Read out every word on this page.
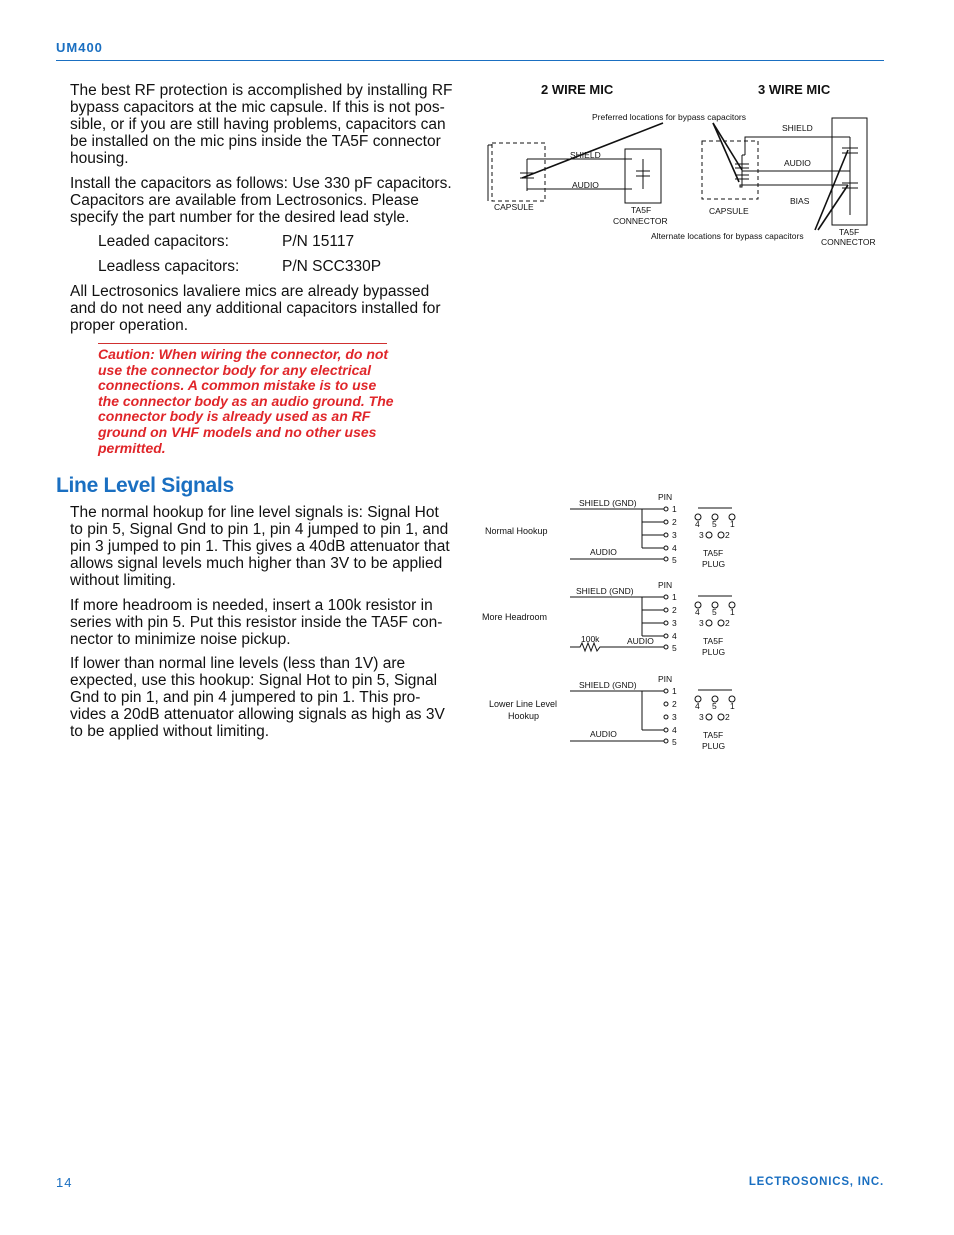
UM400
The best RF protection is accomplished by installing RF
bypass capacitors at the mic capsule. If this is not pos-
sible, or if you are still having problems, capacitors can
be installed on the mic pins inside the TA5F connector
housing.
Install the capacitors as follows: Use 330 pF capacitors.
Capacitors are available from Lectrosonics. Please
specify the part number for the desired lead style.
Leaded capacitors:	P/N 15117
Leadless capacitors:	P/N SCC330P
All Lectrosonics lavaliere mics are already bypassed
and do not need any additional capacitors installed for
proper operation.
Caution: When wiring the connector, do not
use the connector body for any electrical
connections. A common mistake is to use
the connector body as an audio ground. The
connector body is already used as an RF
ground on VHF models and no other uses
permitted.
2 WIRE MIC	3 WIRE MIC
Preferred locations for bypass capacitors
CAPSULE
SHIELD
AUDIO
TA5F
CONNECTOR
CAPSULE
SHIELD
AUDIO
BIAS
TA5F
CONNECTOR
Alternate locations for bypass capacitors
Line Level Signals
The normal hookup for line level signals is: Signal Hot
to pin 5, Signal Gnd to pin 1, pin 4 jumped to pin 1, and
pin 3 jumped to pin 1. This gives a 40dB attenuator that
allows signal levels much higher than 3V to be applied
without limiting.
If more headroom is needed, insert a 100k resistor in
series with pin 5. Put this resistor inside the TA5F con-
nector to minimize noise pickup.
If lower than normal line levels (less than 1V) are
expected, use this hookup: Signal Hot to pin 5, Signal
Gnd to pin 1, and pin 4 jumpered to pin 1. This pro-
vides a 20dB attenuator allowing signals as high as 3V
to be applied without limiting.
Normal Hookup
SHIELD (GND)
AUDIO
PIN
1
2
3
4
5
4 5 1
3	2
TA5F
PLUG
More Headroom
SHIELD (GND)
AUDIO
100k
PIN
1
2
3
4
5
4 5 1
3	2
TA5F
PLUG
Lower Line Level
Hookup
SHIELD (GND)
AUDIO
PIN
1
2
3
4
5
4 5 1
3	2
TA5F
PLUG
14	LECTROSONICS, INC.
